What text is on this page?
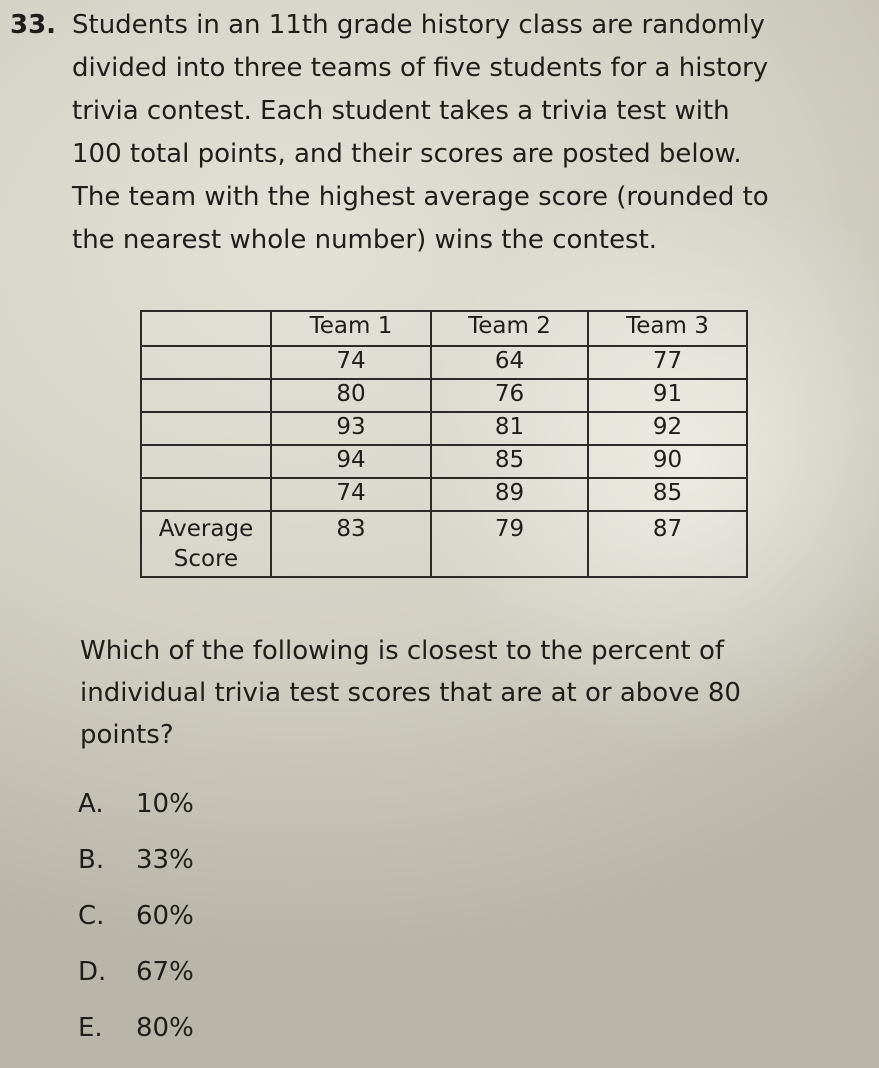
33. Students in an 11th grade history class are randomly
divided into three teams of five students for a history
trivia contest. Each student takes a trivia test with
100 total points, and their scores are posted below.
The team with the highest average score (rounded to
the nearest whole number) wins the contest.
	Team 1	Team 2	Team 3
	74	64	77
	80	76	91
	93	81	92
	94	85	90
	74	89	85
Average
Score	83	79	87
Which of the following is closest to the percent of
individual trivia test scores that are at or above 80
points?
A.	10%
B.	33%
C.	60%
D.	67%
E.	80%
